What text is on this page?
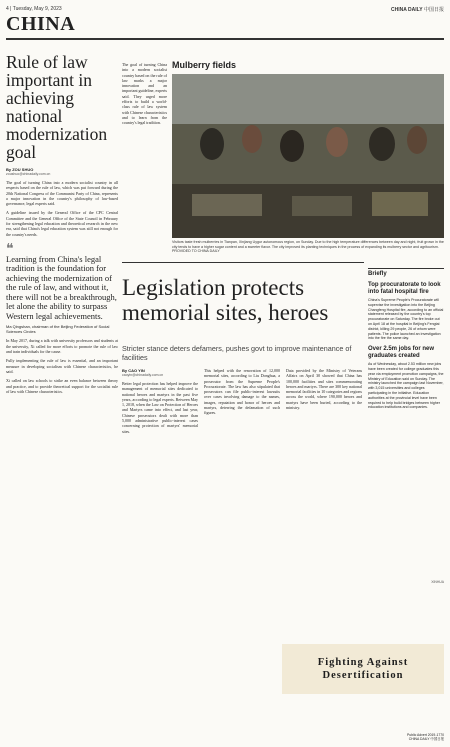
4 | Tuesday, May 9, 2023	CHINA DAILY 中国日报
CHINA
Rule of law important in achieving national modernization goal
By ZOU SHUO
zoushuo@chinadaily.com.cn
The goal of turning China into a modern socialist country in all respects based on the rule of law, which was put forward during the 20th National Congress of the Communist Party of China, represents a major innovation in the country's philosophy of law-based governance, legal experts said.
A guideline issued by the General Office of the CPC Central Committee and the General Office of the State Council in February for strengthening legal education and theoretical research in the new era, said that China's legal education system was still not enough for the country's needs.
❝
Learning from China's legal tradition is the foundation for achieving the modernization of the rule of law, and without it, there will not be a breakthrough, let alone the ability to surpass Western legal achievements.
Ma Qingshan, chairman of the Beijing Federation of Social Sciences Circles
In May 2017, during a talk with university professors and students at the university, Xi called for more efforts to promote the rule of law and train individuals for the cause.
Fully implementing the rule of law is essential, and an important measure in developing socialism with Chinese characteristics, he said.
Xi called on law schools to strike an even balance between theory and practice, and to provide theoretical support for the socialist rule of law with Chinese characteristics.
The goal of turning China into a modern socialist country based on the rule of law marks a major innovation and an important guideline, experts said. They urged more efforts to build a world-class rule of law system with Chinese characteristics and to learn from the country's legal tradition.
Mulberry fields
Visitors taste fresh mulberries in Tianpan, Xinjiang Uygur autonomous region, on Sunday. Due to the high temperature differences between day and night, fruit grown in the city tends to have a higher sugar content and a sweeter flavor. The city improved its planting techniques in the process of expanding its mulberry sector and agritourism. PROVIDED TO CHINA DAILY
Legislation protects memorial sites, heroes
Stricter stance deters defamers, pushes govt to improve maintenance of facilities
By CAO YIN
caoyin@chinadaily.com.cn
Better legal protection has helped improve the management of memorial sites dedicated to national heroes and martyrs in the past five years, according to legal experts. Between May 1, 2018, when the Law on Protection of Heroes and Martyrs came into effect, and last year, Chinese prosecutors dealt with more than 5,000 administrative public-interest cases concerning protection of martyrs' memorial sites.
This helped with the renovation of 12,000 memorial sites, according to Liu Donghua, a prosecutor from the Supreme People's Procuratorate. The law has also stipulated that prosecutors can file public-interest lawsuits over cases involving damage to the names, images, reputation and honor of heroes and martyrs, deterring the defamation of such figures.
Data provided by the Ministry of Veterans Affairs on April 30 showed that China has 100,000 facilities and sites commemorating heroes and martyrs. There are 300 key national memorial facilities in 10 categories and regions across the world, where 190,000 heroes and martyrs have been buried, according to the ministry.
Briefly
Top procuratorate to look into fatal hospital fire
China's Supreme People's Procuratorate will supervise the investigation into the Beijing Changfeng Hospital fire, according to an official statement released by the country's top procuratorate on Saturday. The fire broke out on April 18 at the hospital in Beijing's Fengtai district, killing 29 people, 26 of whom were patients. The police launched an investigation into the fire the same day.
Over 2.5m jobs for new graduates created
As of Wednesday, about 2.53 million new jobs have been created for college graduates this year via employment promotion campaigns, the Ministry of Education said on Sunday. The ministry launched the campaign last November, with 3,015 universities and colleges participating in the initiative. Education authorities at the provincial level have been required to help build bridges between higher education institutions and companies.
XINHUA
Fighting Against Desertification
Public Advert 2019-1770
CHINA DAILY 中国日报
